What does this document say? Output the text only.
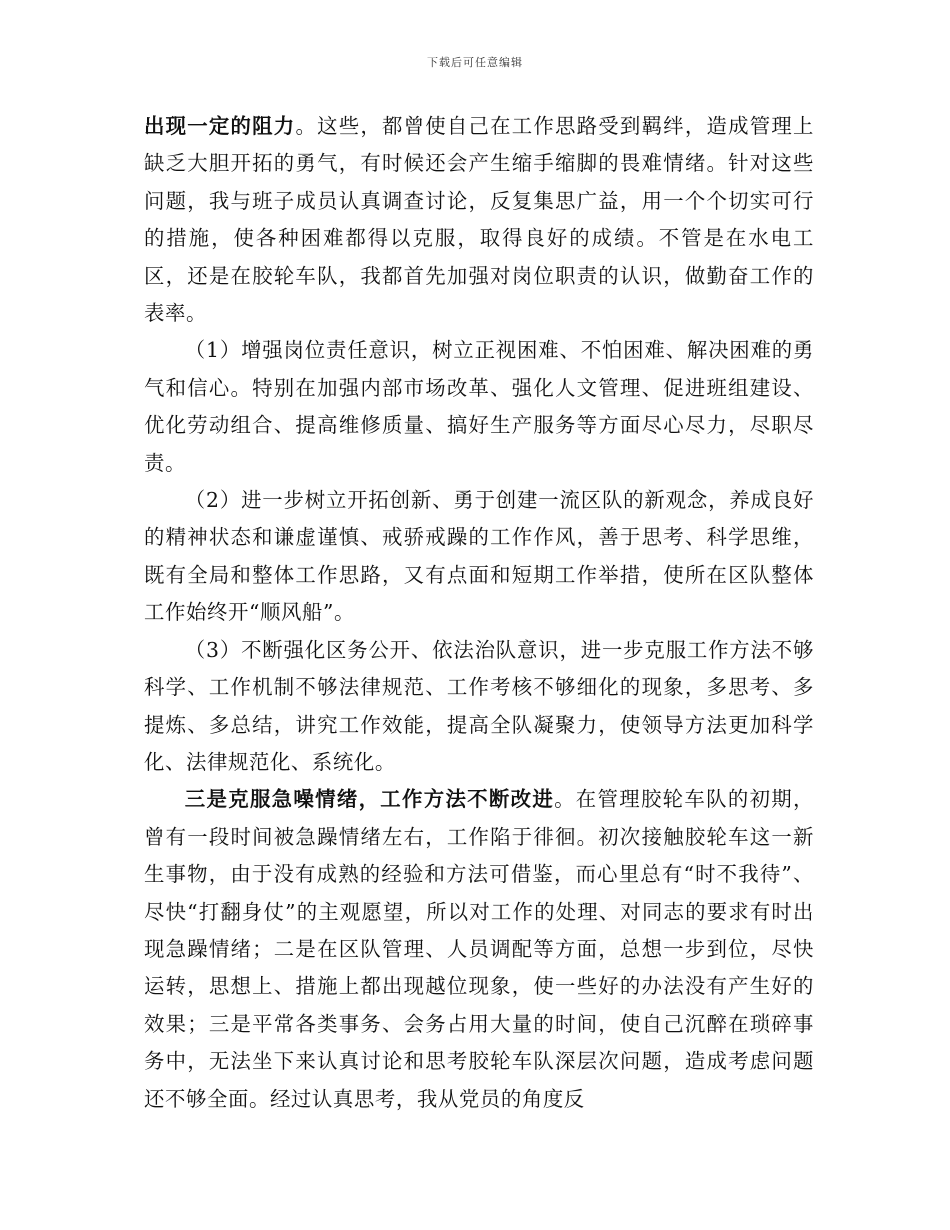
下载后可任意编辑

出现一定的阻力。这些，都曾使自己在工作思路受到羁绊，造成管理上缺乏大胆开拓的勇气，有时候还会产生缩手缩脚的畏难情绪。针对这些问题，我与班子成员认真调查讨论，反复集思广益，用一个个切实可行的措施，使各种困难都得以克服，取得良好的成绩。不管是在水电工区，还是在胶轮车队，我都首先加强对岗位职责的认识，做勤奋工作的表率。

（1）增强岗位责任意识，树立正视困难、不怕困难、解决困难的勇气和信心。特别在加强内部市场改革、强化人文管理、促进班组建设、优化劳动组合、提高维修质量、搞好生产服务等方面尽心尽力，尽职尽责。

（2）进一步树立开拓创新、勇于创建一流区队的新观念，养成良好的精神状态和谦虚谨慎、戒骄戒躁的工作作风，善于思考、科学思维，既有全局和整体工作思路，又有点面和短期工作举措，使所在区队整体工作始终开“顺风船”。

（3）不断强化区务公开、依法治队意识，进一步克服工作方法不够科学、工作机制不够法律规范、工作考核不够细化的现象，多思考、多提炼、多总结，讲究工作效能，提高全队凝聚力，使领导方法更加科学化、法律规范化、系统化。

三是克服急噪情绪，工作方法不断改进。在管理胶轮车队的初期，曾有一段时间被急躁情绪左右，工作陷于徘徊。初次接触胶轮车这一新生事物，由于没有成熟的经验和方法可借鉴，而心里总有“时不我待”、尽快“打翻身仗”的主观愿望，所以对工作的处理、对同志的要求有时出现急躁情绪；二是在区队管理、人员调配等方面，总想一步到位，尽快运转，思想上、措施上都出现越位现象，使一些好的办法没有产生好的效果；三是平常各类事务、会务占用大量的时间，使自己沉醉在琐碎事务中，无法坐下来认真讨论和思考胶轮车队深层次问题，造成考虑问题还不够全面。经过认真思考，我从党员的角度反
